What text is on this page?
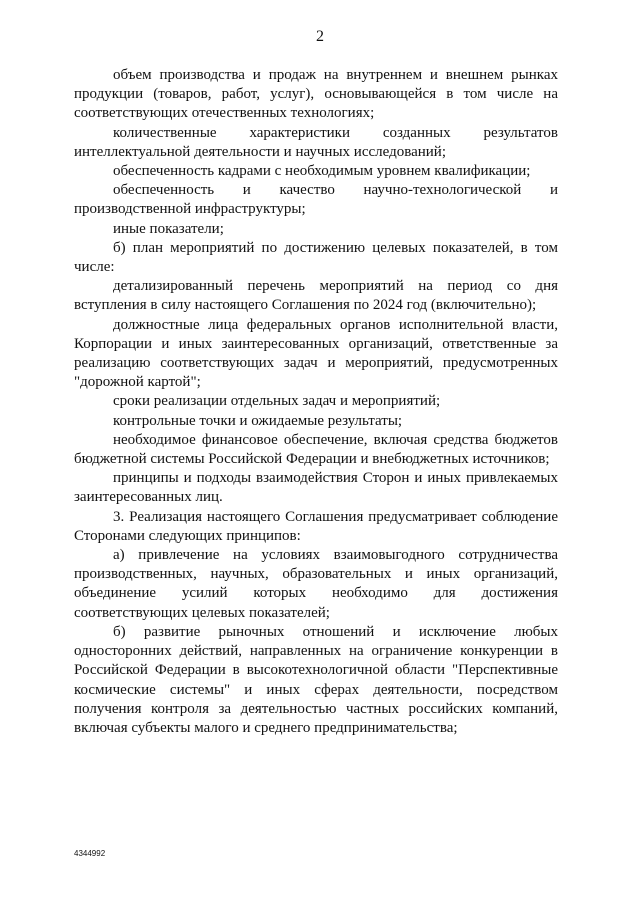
2

объем производства и продаж на внутреннем и внешнем рынках продукции (товаров, работ, услуг), основывающейся в том числе на соответствующих отечественных технологиях;

количественные характеристики созданных результатов интеллектуальной деятельности и научных исследований;

обеспеченность кадрами с необходимым уровнем квалификации;

обеспеченность и качество научно-технологической и производственной инфраструктуры;

иные показатели;

б) план мероприятий по достижению целевых показателей, в том числе:

детализированный перечень мероприятий на период со дня вступления в силу настоящего Соглашения по 2024 год (включительно);

должностные лица федеральных органов исполнительной власти, Корпорации и иных заинтересованных организаций, ответственные за реализацию соответствующих задач и мероприятий, предусмотренных "дорожной картой";

сроки реализации отдельных задач и мероприятий;

контрольные точки и ожидаемые результаты;

необходимое финансовое обеспечение, включая средства бюджетов бюджетной системы Российской Федерации и внебюджетных источников;

принципы и подходы взаимодействия Сторон и иных привлекаемых заинтересованных лиц.

3. Реализация настоящего Соглашения предусматривает соблюдение Сторонами следующих принципов:

а) привлечение на условиях взаимовыгодного сотрудничества производственных, научных, образовательных и иных организаций, объединение усилий которых необходимо для достижения соответствующих целевых показателей;

б) развитие рыночных отношений и исключение любых односторонних действий, направленных на ограничение конкуренции в Российской Федерации в высокотехнологичной области "Перспективные космические системы" и иных сферах деятельности, посредством получения контроля за деятельностью частных российских компаний, включая субъекты малого и среднего предпринимательства;

4344992
